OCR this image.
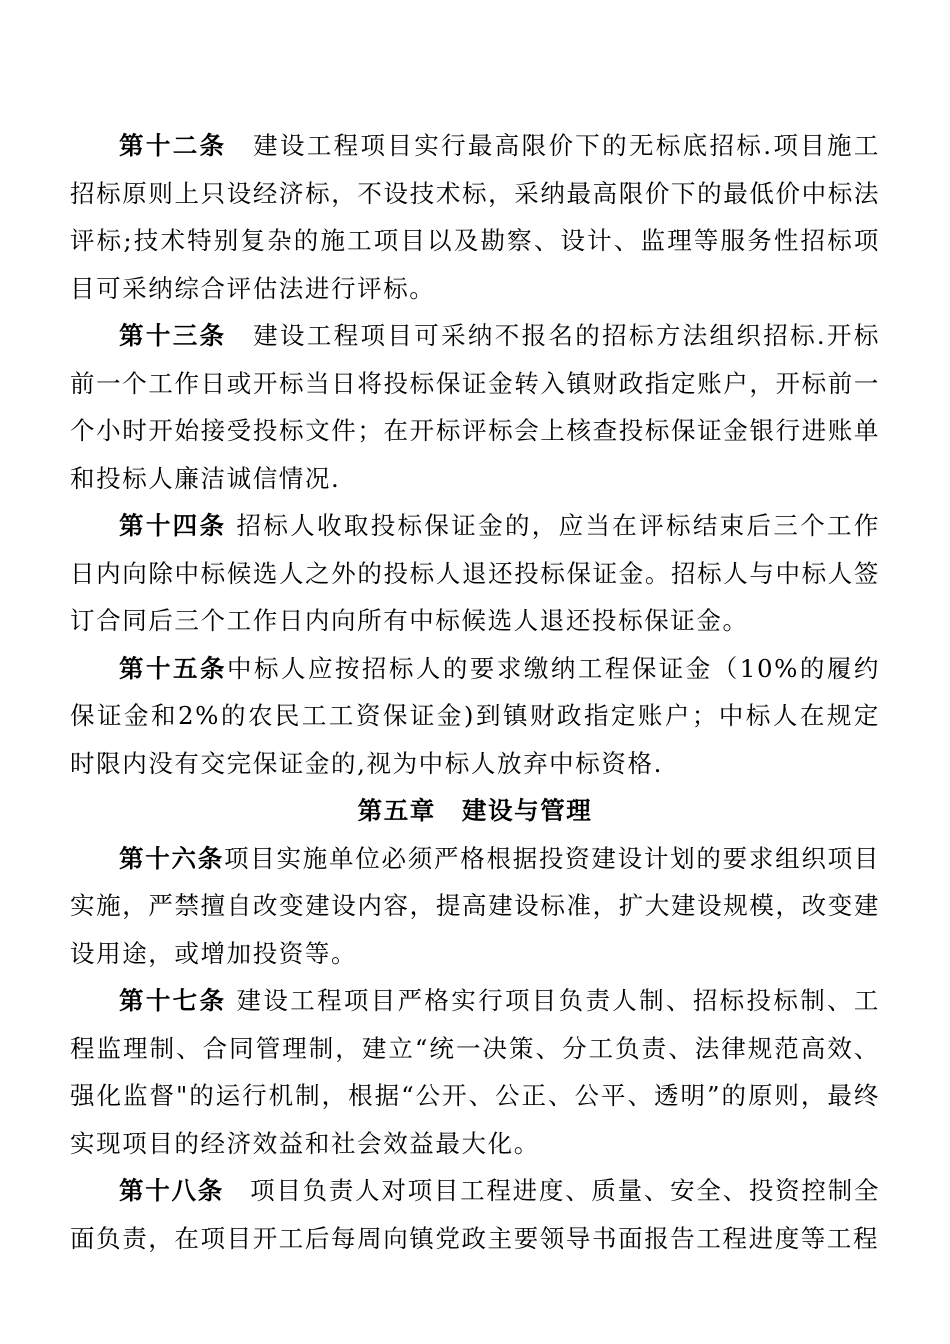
第十二条 建设工程项目实行最高限价下的无标底招标.项目施工招标原则上只设经济标，不设技术标，采纳最高限价下的最低价中标法评标;技术特别复杂的施工项目以及勘察、设计、监理等服务性招标项目可采纳综合评估法进行评标。

第十三条 建设工程项目可采纳不报名的招标方法组织招标.开标前一个工作日或开标当日将投标保证金转入镇财政指定账户，开标前一个小时开始接受投标文件；在开标评标会上核查投标保证金银行进账单和投标人廉洁诚信情况.

第十四条 招标人收取投标保证金的，应当在评标结束后三个工作日内向除中标候选人之外的投标人退还投标保证金。招标人与中标人签订合同后三个工作日内向所有中标候选人退还投标保证金。

第十五条中标人应按招标人的要求缴纳工程保证金（10%的履约保证金和2%的农民工工资保证金)到镇财政指定账户；中标人在规定时限内没有交完保证金的,视为中标人放弃中标资格.

第五章 建设与管理

第十六条项目实施单位必须严格根据投资建设计划的要求组织项目实施，严禁擅自改变建设内容，提高建设标准，扩大建设规模，改变建设用途，或增加投资等。

第十七条 建设工程项目严格实行项目负责人制、招标投标制、工程监理制、合同管理制，建立“统一决策、分工负责、法律规范高效、强化监督"的运行机制，根据“公开、公正、公平、透明”的原则，最终实现项目的经济效益和社会效益最大化。

第十八条 项目负责人对项目工程进度、质量、安全、投资控制全面负责，在项目开工后每周向镇党政主要领导书面报告工程进度等工程
